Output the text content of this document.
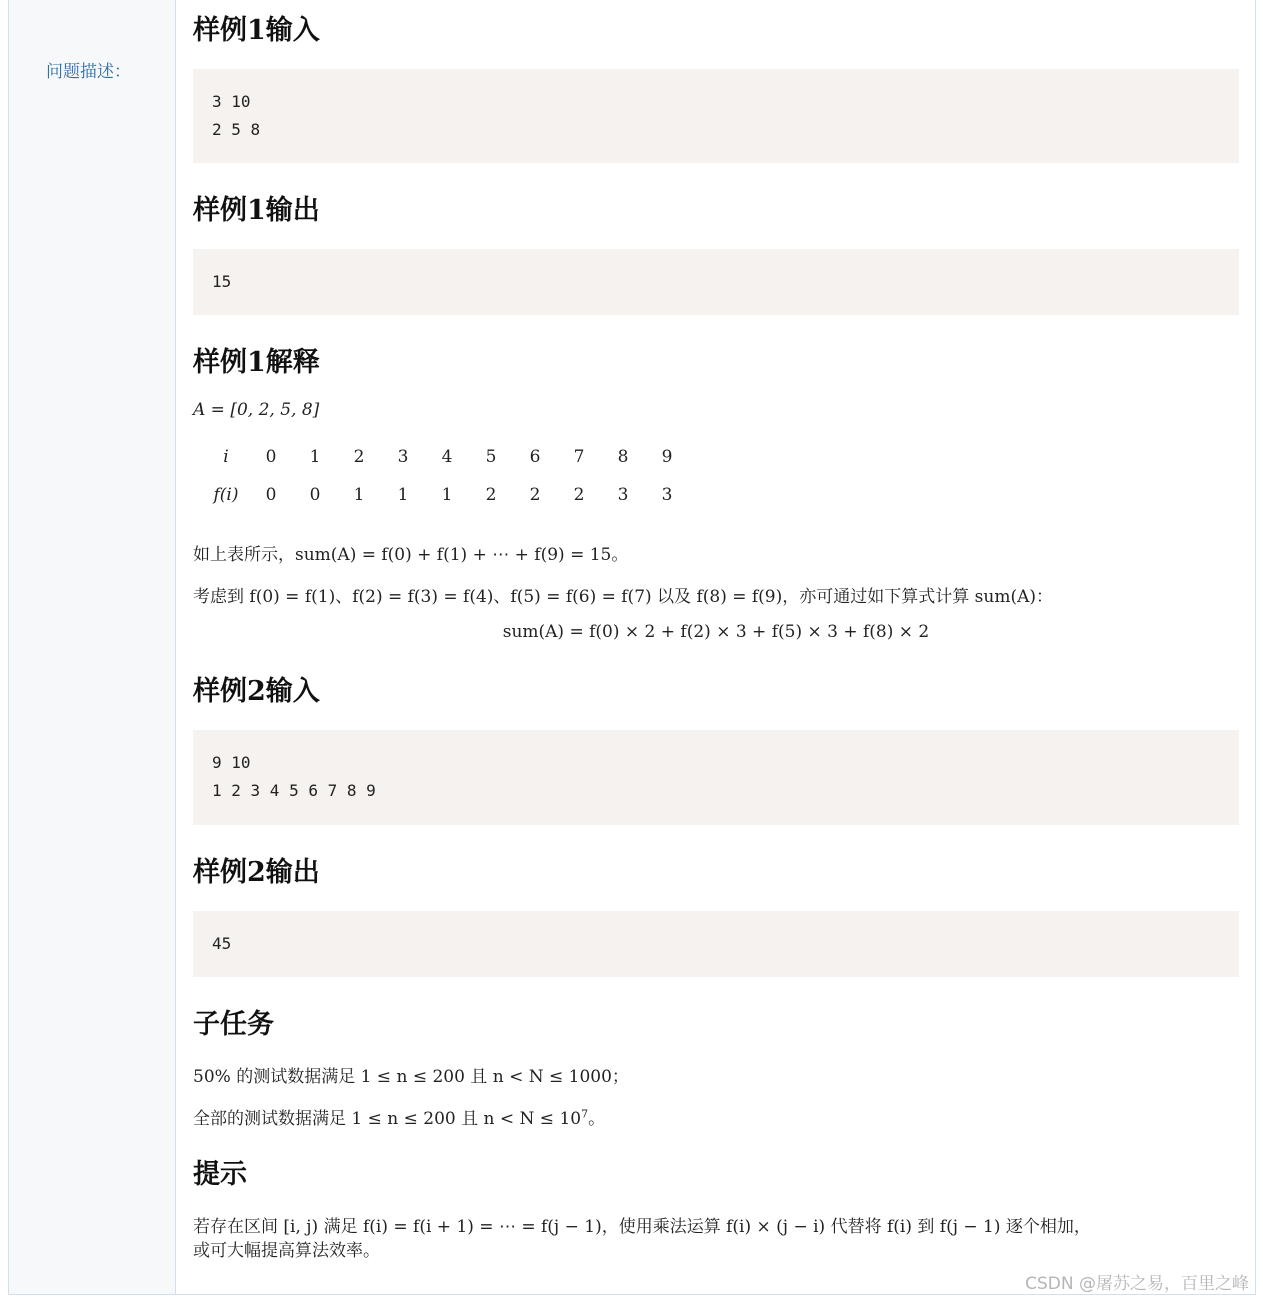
问题描述：
样例1输入
3 10
2 5 8
样例1输出
15
样例1解释
A = [0, 2, 5, 8]
i	0	1	2	3	4	5	6	7	8	9
f(i)	0	0	1	1	1	2	2	2	3	3
如上表所示，sum(A) = f(0) + f(1) + ⋯ + f(9) = 15。
考虑到 f(0) = f(1)、f(2) = f(3) = f(4)、f(5) = f(6) = f(7) 以及 f(8) = f(9)，亦可通过如下算式计算 sum(A)：
sum(A) = f(0) × 2 + f(2) × 3 + f(5) × 3 + f(8) × 2
样例2输入
9 10
1 2 3 4 5 6 7 8 9
样例2输出
45
子任务
50% 的测试数据满足 1 ≤ n ≤ 200 且 n < N ≤ 1000；
全部的测试数据满足 1 ≤ n ≤ 200 且 $n < N \le 10^7$。
提示
若存在区间 [i, j) 满足 f(i) = f(i + 1) = ⋯ = f(j − 1)，使用乘法运算 f(i) × (j − i) 代替将 f(i) 到 f(j − 1) 逐个相加，
或可大幅提高算法效率。
CSDN @屠苏之易，百里之峰
